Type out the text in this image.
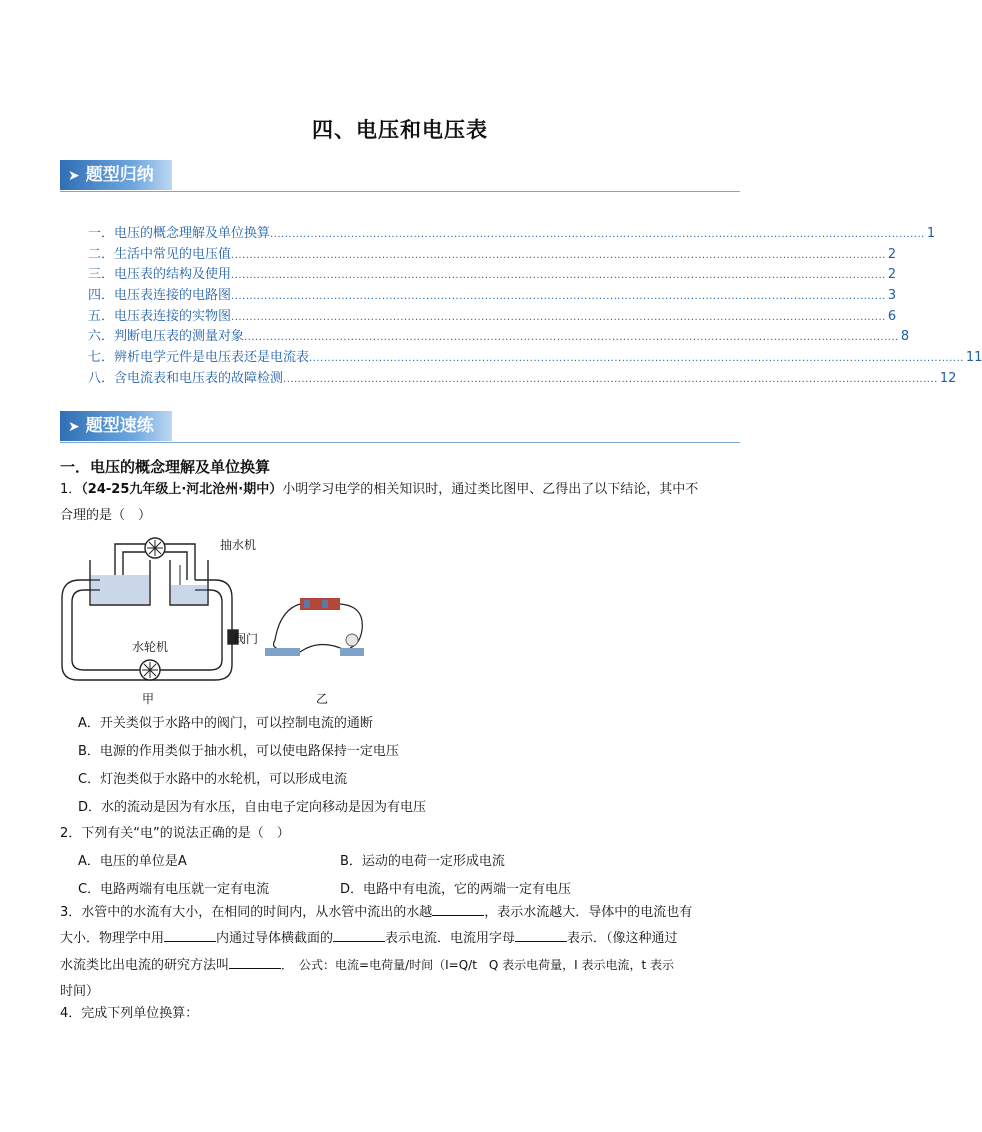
四、电压和电压表
➤ 题型归纳
一．电压的概念理解及单位换算 .................................................................................................................................................................................. 1
二．生活中常见的电压值 .................................................................................................................................................................................. 2
三．电压表的结构及使用 .................................................................................................................................................................................. 2
四．电压表连接的电路图 .................................................................................................................................................................................. 3
五．电压表连接的实物图 .................................................................................................................................................................................. 6
六．判断电压表的测量对象 .................................................................................................................................................................................. 8
七．辨析电学元件是电压表还是电流表 .................................................................................................................................................................................. 11
八．含电流表和电压表的故障检测 .................................................................................................................................................................................. 12
➤ 题型速练
一．电压的概念理解及单位换算
1．（24-25九年级上·河北沧州·期中）小明学习电学的相关知识时，通过类比图甲、乙得出了以下结论，其中不
合理的是（　）
抽水机
阀门
水轮机
甲	乙
A．开关类似于水路中的阀门，可以控制电流的通断
B．电源的作用类似于抽水机，可以使电路保持一定电压
C．灯泡类似于水路中的水轮机，可以形成电流
D．水的流动是因为有水压，自由电子定向移动是因为有电压
2．下列有关“电”的说法正确的是（　）
A．电压的单位是A	B．运动的电荷一定形成电流
C．电路两端有电压就一定有电流	D．电路中有电流，它的两端一定有电压
3．水管中的水流有大小，在相同的时间内，从水管中流出的水越	，表示水流越大．导体中的电流也有
大小．物理学中用	内通过导体横截面的	表示电流．电流用字母	表示．（像这种通过
水流类比出电流的研究方法叫	．　公式：电流=电荷量/时间（I=Q/t　Q 表示电荷量，I 表示电流，t 表示
时间）
4．完成下列单位换算：
